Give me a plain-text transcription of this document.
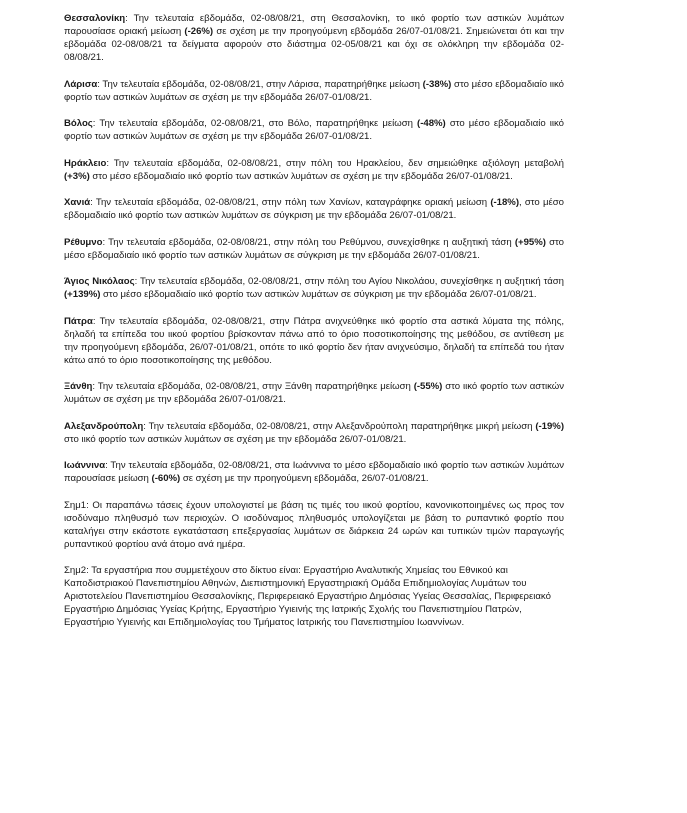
Θεσσαλονίκη: Την τελευταία εβδομάδα, 02-08/08/21, στη Θεσσαλονίκη, το ιικό φορτίο των αστικών λυμάτων παρουσίασε οριακή μείωση (-26%) σε σχέση με την προηγούμενη εβδομάδα 26/07-01/08/21. Σημειώνεται ότι και την εβδομάδα 02-08/08/21 τα δείγματα αφορούν στο διάστημα 02-05/08/21 και όχι σε ολόκληρη την εβδομάδα 02-08/08/21.

Λάρισα: Την τελευταία εβδομάδα, 02-08/08/21, στην Λάρισα, παρατηρήθηκε μείωση (-38%) στο μέσο εβδομαδιαίο ιικό φορτίο των αστικών λυμάτων σε σχέση με την εβδομάδα 26/07-01/08/21.

Βόλος: Την τελευταία εβδομάδα, 02-08/08/21, στο Βόλο, παρατηρήθηκε μείωση (-48%) στο μέσο εβδομαδιαίο ιικό φορτίο των αστικών λυμάτων σε σχέση με την εβδομάδα 26/07-01/08/21.

Ηράκλειο: Την τελευταία εβδομάδα, 02-08/08/21, στην πόλη του Ηρακλείου, δεν σημειώθηκε αξιόλογη μεταβολή (+3%) στο μέσο εβδομαδιαίο ιικό φορτίο των αστικών λυμάτων σε σχέση με την εβδομάδα 26/07-01/08/21.

Χανιά: Την τελευταία εβδομάδα, 02-08/08/21, στην πόλη των Χανίων, καταγράφηκε οριακή μείωση (-18%), στο μέσο εβδομαδιαίο ιικό φορτίο των αστικών λυμάτων σε σύγκριση με την εβδομάδα 26/07-01/08/21.

Ρέθυμνο: Την τελευταία εβδομάδα, 02-08/08/21, στην πόλη του Ρεθύμνου, συνεχίσθηκε η αυξητική τάση (+95%) στο μέσο εβδομαδιαίο ιικό φορτίο των αστικών λυμάτων σε σύγκριση με την εβδομάδα 26/07-01/08/21.

Άγιος Νικόλαος: Την τελευταία εβδομάδα, 02-08/08/21, στην πόλη του Αγίου Νικολάου, συνεχίσθηκε η αυξητική τάση (+139%) στο μέσο εβδομαδιαίο ιικό φορτίο των αστικών λυμάτων σε σύγκριση με την εβδομάδα 26/07-01/08/21.

Πάτρα: Την τελευταία εβδομάδα, 02-08/08/21, στην Πάτρα ανιχνεύθηκε ιικό φορτίο στα αστικά λύματα της πόλης, δηλαδή τα επίπεδα του ιικού φορτίου βρίσκονταν πάνω από το όριο ποσοτικοποίησης της μεθόδου, σε αντίθεση με την προηγούμενη εβδομάδα, 26/07-01/08/21, οπότε το ιικό φορτίο δεν ήταν ανιχνεύσιμο, δηλαδή τα επίπεδά του ήταν κάτω από το όριο ποσοτικοποίησης της μεθόδου.

Ξάνθη: Την τελευταία εβδομάδα, 02-08/08/21, στην Ξάνθη παρατηρήθηκε μείωση (-55%) στο ιικό φορτίο των αστικών λυμάτων σε σχέση με την εβδομάδα 26/07-01/08/21.

Αλεξανδρούπολη: Την τελευταία εβδομάδα, 02-08/08/21, στην Αλεξανδρούπολη παρατηρήθηκε μικρή μείωση (-19%) στο ιικό φορτίο των αστικών λυμάτων σε σχέση με την εβδομάδα 26/07-01/08/21.

Ιωάννινα: Την τελευταία εβδομάδα, 02-08/08/21, στα Ιωάννινα το μέσο εβδομαδιαίο ιικό φορτίο των αστικών λυμάτων παρουσίασε μείωση (-60%) σε σχέση με την προηγούμενη εβδομάδα, 26/07-01/08/21.

Σημ1: Οι παραπάνω τάσεις έχουν υπολογιστεί με βάση τις τιμές του ιικού φορτίου, κανονικοποιημένες ως προς τον ισοδύναμο πληθυσμό των περιοχών. Ο ισοδύναμος πληθυσμός υπολογίζεται με βάση το ρυπαντικό φορτίο που καταλήγει στην εκάστοτε εγκατάσταση επεξεργασίας λυμάτων σε διάρκεια 24 ωρών και τυπικών τιμών παραγωγής ρυπαντικού φορτίου ανά άτομο ανά ημέρα.

Σημ2: Τα εργαστήρια που συμμετέχουν στο δίκτυο είναι: Εργαστήριο Αναλυτικής Χημείας του Εθνικού και Καποδιστριακού Πανεπιστημίου Αθηνών, Διεπιστημονική Εργαστηριακή Ομάδα Επιδημιολογίας Λυμάτων του Αριστοτελείου Πανεπιστημίου Θεσσαλονίκης, Περιφερειακό Εργαστήριο Δημόσιας Υγείας Θεσσαλίας, Περιφερειακό Εργαστήριο Δημόσιας Υγείας Κρήτης, Εργαστήριο Υγιεινής της Ιατρικής Σχολής του Πανεπιστημίου Πατρών, Εργαστήριο Υγιεινής και Επιδημιολογίας του Τμήματος Ιατρικής του Πανεπιστημίου Ιωαννίνων.
